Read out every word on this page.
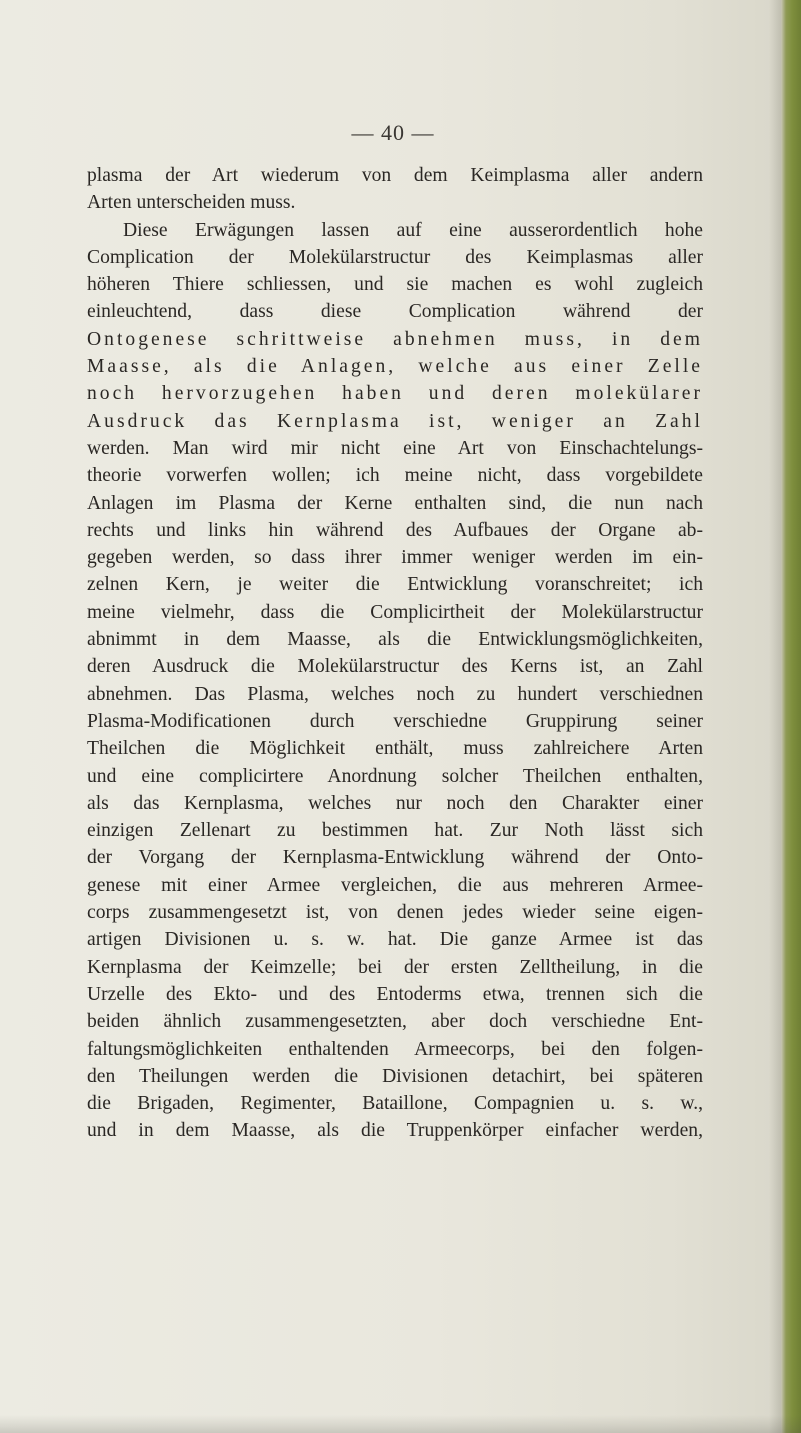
— 40 —
plasma der Art wiederum von dem Keimplasma aller andern
Arten unterscheiden muss.
Diese Erwägungen lassen auf eine ausserordentlich hohe
Complication der Molekülarstructur des Keimplasmas aller
höheren Thiere schliessen, und sie machen es wohl zugleich
einleuchtend, dass diese Complication während der
Ontogenese schrittweise abnehmen muss, in dem
Maasse, als die Anlagen, welche aus einer Zelle
noch hervorzugehen haben und deren molekülarer
Ausdruck das Kernplasma ist, weniger an Zahl
werden. Man wird mir nicht eine Art von Einschachtelungs-
theorie vorwerfen wollen; ich meine nicht, dass vorgebildete
Anlagen im Plasma der Kerne enthalten sind, die nun nach
rechts und links hin während des Aufbaues der Organe ab-
gegeben werden, so dass ihrer immer weniger werden im ein-
zelnen Kern, je weiter die Entwicklung voranschreitet; ich
meine vielmehr, dass die Complicirtheit der Molekülarstructur
abnimmt in dem Maasse, als die Entwicklungsmöglichkeiten,
deren Ausdruck die Molekülarstructur des Kerns ist, an Zahl
abnehmen. Das Plasma, welches noch zu hundert verschiednen
Plasma-Modificationen durch verschiedne Gruppirung seiner
Theilchen die Möglichkeit enthält, muss zahlreichere Arten
und eine complicirtere Anordnung solcher Theilchen enthalten,
als das Kernplasma, welches nur noch den Charakter einer
einzigen Zellenart zu bestimmen hat. Zur Noth lässt sich
der Vorgang der Kernplasma-Entwicklung während der Onto-
genese mit einer Armee vergleichen, die aus mehreren Armee-
corps zusammengesetzt ist, von denen jedes wieder seine eigen-
artigen Divisionen u. s. w. hat. Die ganze Armee ist das
Kernplasma der Keimzelle; bei der ersten Zelltheilung, in die
Urzelle des Ekto- und des Entoderms etwa, trennen sich die
beiden ähnlich zusammengesetzten, aber doch verschiedne Ent-
faltungsmöglichkeiten enthaltenden Armeecorps, bei den folgen-
den Theilungen werden die Divisionen detachirt, bei späteren
die Brigaden, Regimenter, Bataillone, Compagnien u. s. w.,
und in dem Maasse, als die Truppenkörper einfacher werden,
